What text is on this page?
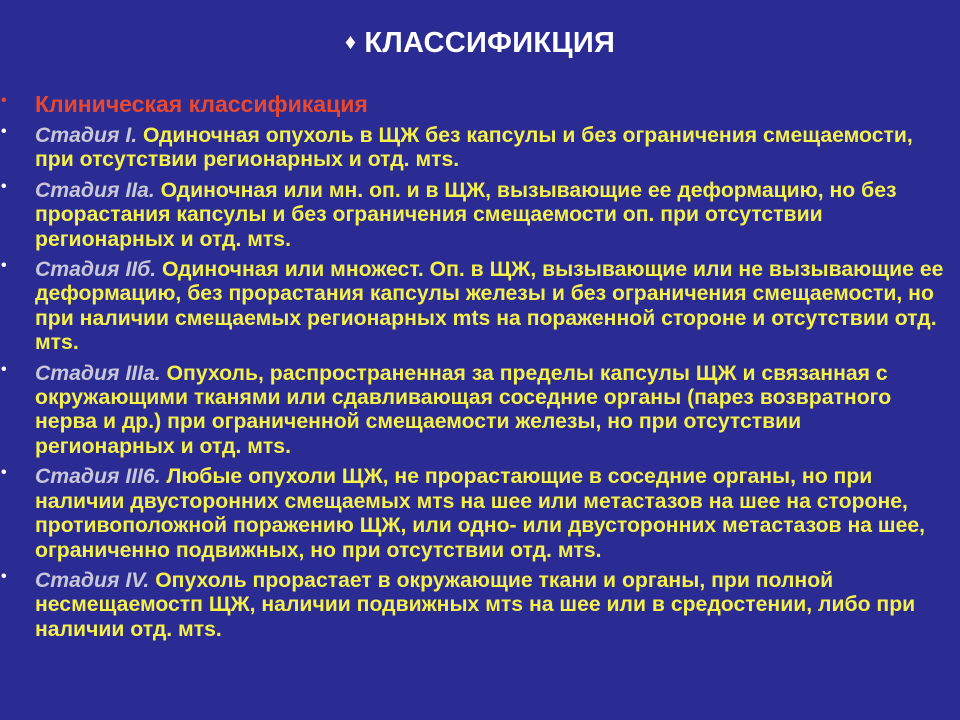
♦ КЛАССИФИКЦИЯ
• Клиническая классификация
• Стадия I. Одиночная опухоль в ЩЖ без капсулы и без ограничения смещаемости, при отсутствии регионарных и отд. мтs.
• Стадия IIa. Одиночная или мн. оп. и в ЩЖ, вызывающие ее деформацию, но без прорастания капсулы и без ограничения смещаемости оп. при отсутствии регионарных и отд. мтs.
• Стадия IIб. Одиночная или множест. Оп. в ЩЖ, вызывающие или не вызывающие ее деформацию, без прорастания капсулы железы и без ограничения смещаемости, но при наличии смещаемых регионарных mts на пораженной стороне и отсутствии отд. мтs.
• Стадия IIIa. Опухоль, распространенная за пределы капсулы ЩЖ и связанная с окружающими тканями или сдавливающая соседние органы (парез возвратного нерва и др.) при ограниченной смещаемости железы, но при отсутствии регионарных и отд. мтs.
• Стадия III6. Любые опухоли ЩЖ, не прорастающие в соседние органы, но при наличии двусторонних смещаемых мтs на шее или метастазов на шее на стороне, противоположной поражению ЩЖ, или одно- или двусторонних метастазов на шее, ограниченно подвижных, но при отсутствии отд. мтs.
• Стадия IV. Опухоль прорастает в окружающие ткани и органы, при полной несмещаемостп ЩЖ, наличии подвижных мтs на шее или в средостении, либо при наличии отд. мтs.
